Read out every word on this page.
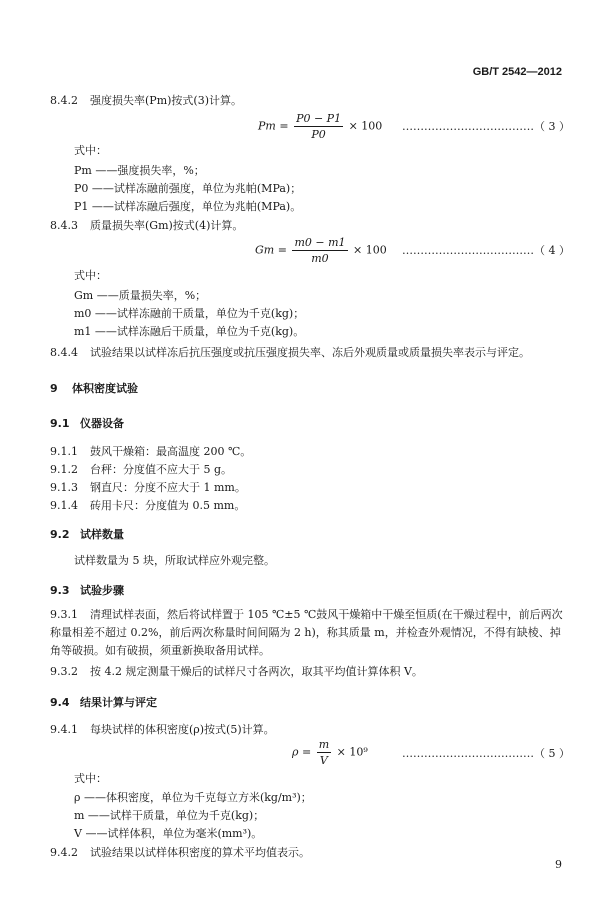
GB/T 2542—2012
8.4.2 强度损失率(Pm)按式(3)计算。
$Pm = \frac{P0 - P1}{P0} \times 100$ ………………………………（ 3 ）
式中：
Pm ——强度损失率，%；
P0 ——试样冻融前强度，单位为兆帕(MPa)；
P1 ——试样冻融后强度，单位为兆帕(MPa)。
8.4.3 质量损失率(Gm)按式(4)计算。
$Gm = \frac{m0 - m1}{m0} \times 100$ ………………………………（ 4 ）
式中：
Gm ——质量损失率，%；
m0 ——试样冻融前干质量，单位为千克(kg)；
m1 ——试样冻融后干质量，单位为千克(kg)。
8.4.4 试验结果以试样冻后抗压强度或抗压强度损失率、冻后外观质量或质量损失率表示与评定。
9 体积密度试验
9.1 仪器设备
9.1.1 鼓风干燥箱：最高温度 200 ℃。
9.1.2 台秤：分度值不应大于 5 g。
9.1.3 钢直尺：分度不应大于 1 mm。
9.1.4 砖用卡尺：分度值为 0.5 mm。
9.2 试样数量
试样数量为 5 块，所取试样应外观完整。
9.3 试验步骤
9.3.1 清理试样表面，然后将试样置于 105 ℃±5 ℃鼓风干燥箱中干燥至恒质(在干燥过程中，前后两次称量相差不超过 0.2%，前后两次称量时间间隔为 2 h)，称其质量 m，并检查外观情况，不得有缺棱、掉角等破损。如有破损，须重新换取备用试样。
9.3.2 按 4.2 规定测量干燥后的试样尺寸各两次，取其平均值计算体积 V。
9.4 结果计算与评定
9.4.1 每块试样的体积密度(ρ)按式(5)计算。
$\rho = \frac{m}{V} \times 10^9$	………………………………（ 5 ）
式中：
ρ ——体积密度，单位为千克每立方米(kg/m³)；
m ——试样干质量，单位为千克(kg)；
V ——试样体积，单位为毫米(mm³)。
9.4.2 试验结果以试样体积密度的算术平均值表示。
9
